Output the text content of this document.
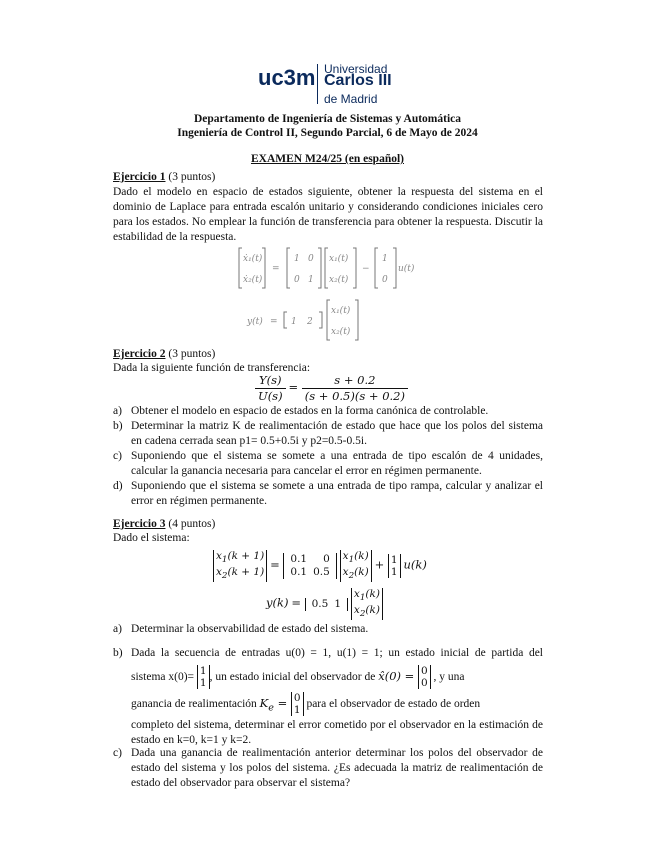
uc3m Universidad
Carlos III
de Madrid
Departamento de Ingeniería de Sistemas y Automática
Ingeniería de Control II, Segundo Parcial, 6 de Mayo de 2024
EXAMEN M24/25 (en español)
Ejercicio 1 (3 puntos)
Dado el modelo en espacio de estados siguiente, obtener la respuesta del sistema en el dominio de Laplace para entrada escalón unitario y considerando condiciones iniciales cero para los estados. No emplear la función de transferencia para obtener la respuesta. Discutir la estabilidad de la respuesta.
ẋ₁(t)
ẋ₂(t)
=
1 0
0 1
x₁(t)
x₂(t)
−
1
0
u(t)
y(t) = 1 2
x₁(t)
x₂(t)
Ejercicio 2 (3 puntos)
Dada la siguiente función de transferencia:
$\frac{Y(s)}{U(s)} = \frac{s + 0.2}{(s + 0.5)(s + 0.2)}$
a) Obtener el modelo en espacio de estados en la forma canónica de controlable.
b) Determinar la matriz K de realimentación de estado que hace que los polos del sistema en cadena cerrada sean p1= 0.5+0.5i y p2=0.5-0.5i.
c) Suponiendo que el sistema se somete a una entrada de tipo escalón de 4 unidades, calcular la ganancia necesaria para cancelar el error en régimen permanente.
d) Suponiendo que el sistema se somete a una entrada de tipo rampa, calcular y analizar el error en régimen permanente.
Ejercicio 3 (4 puntos)
Dado el sistema:
$x_1(k + 1)$
$x_2(k + 1) = 0.1$	0
0.1	0.5
$x_1(k)$
$x_2(k) + 1$
1 u(k)
y(k) = 0.5	1
$x_1(k)$
$x_2(k)$
a) Determinar la observabilidad de estado del sistema.
b) Dada la secuencia de entradas u(0) = 1, u(1) = 1; un estado inicial de partida del
sistema x(0)= 1
1, un estado inicial del observador de x̂(0) = 0
0 , y una
ganancia de realimentación $K_e = 0$
1 para el observador de estado de orden
completo del sistema, determinar el error cometido por el observador en la estimación de estado en k=0, k=1 y k=2.
c) Dada una ganancia de realimentación anterior determinar los polos del observador de estado del sistema y los polos del sistema. ¿Es adecuada la matriz de realimentación de estado del observador para observar el sistema?
